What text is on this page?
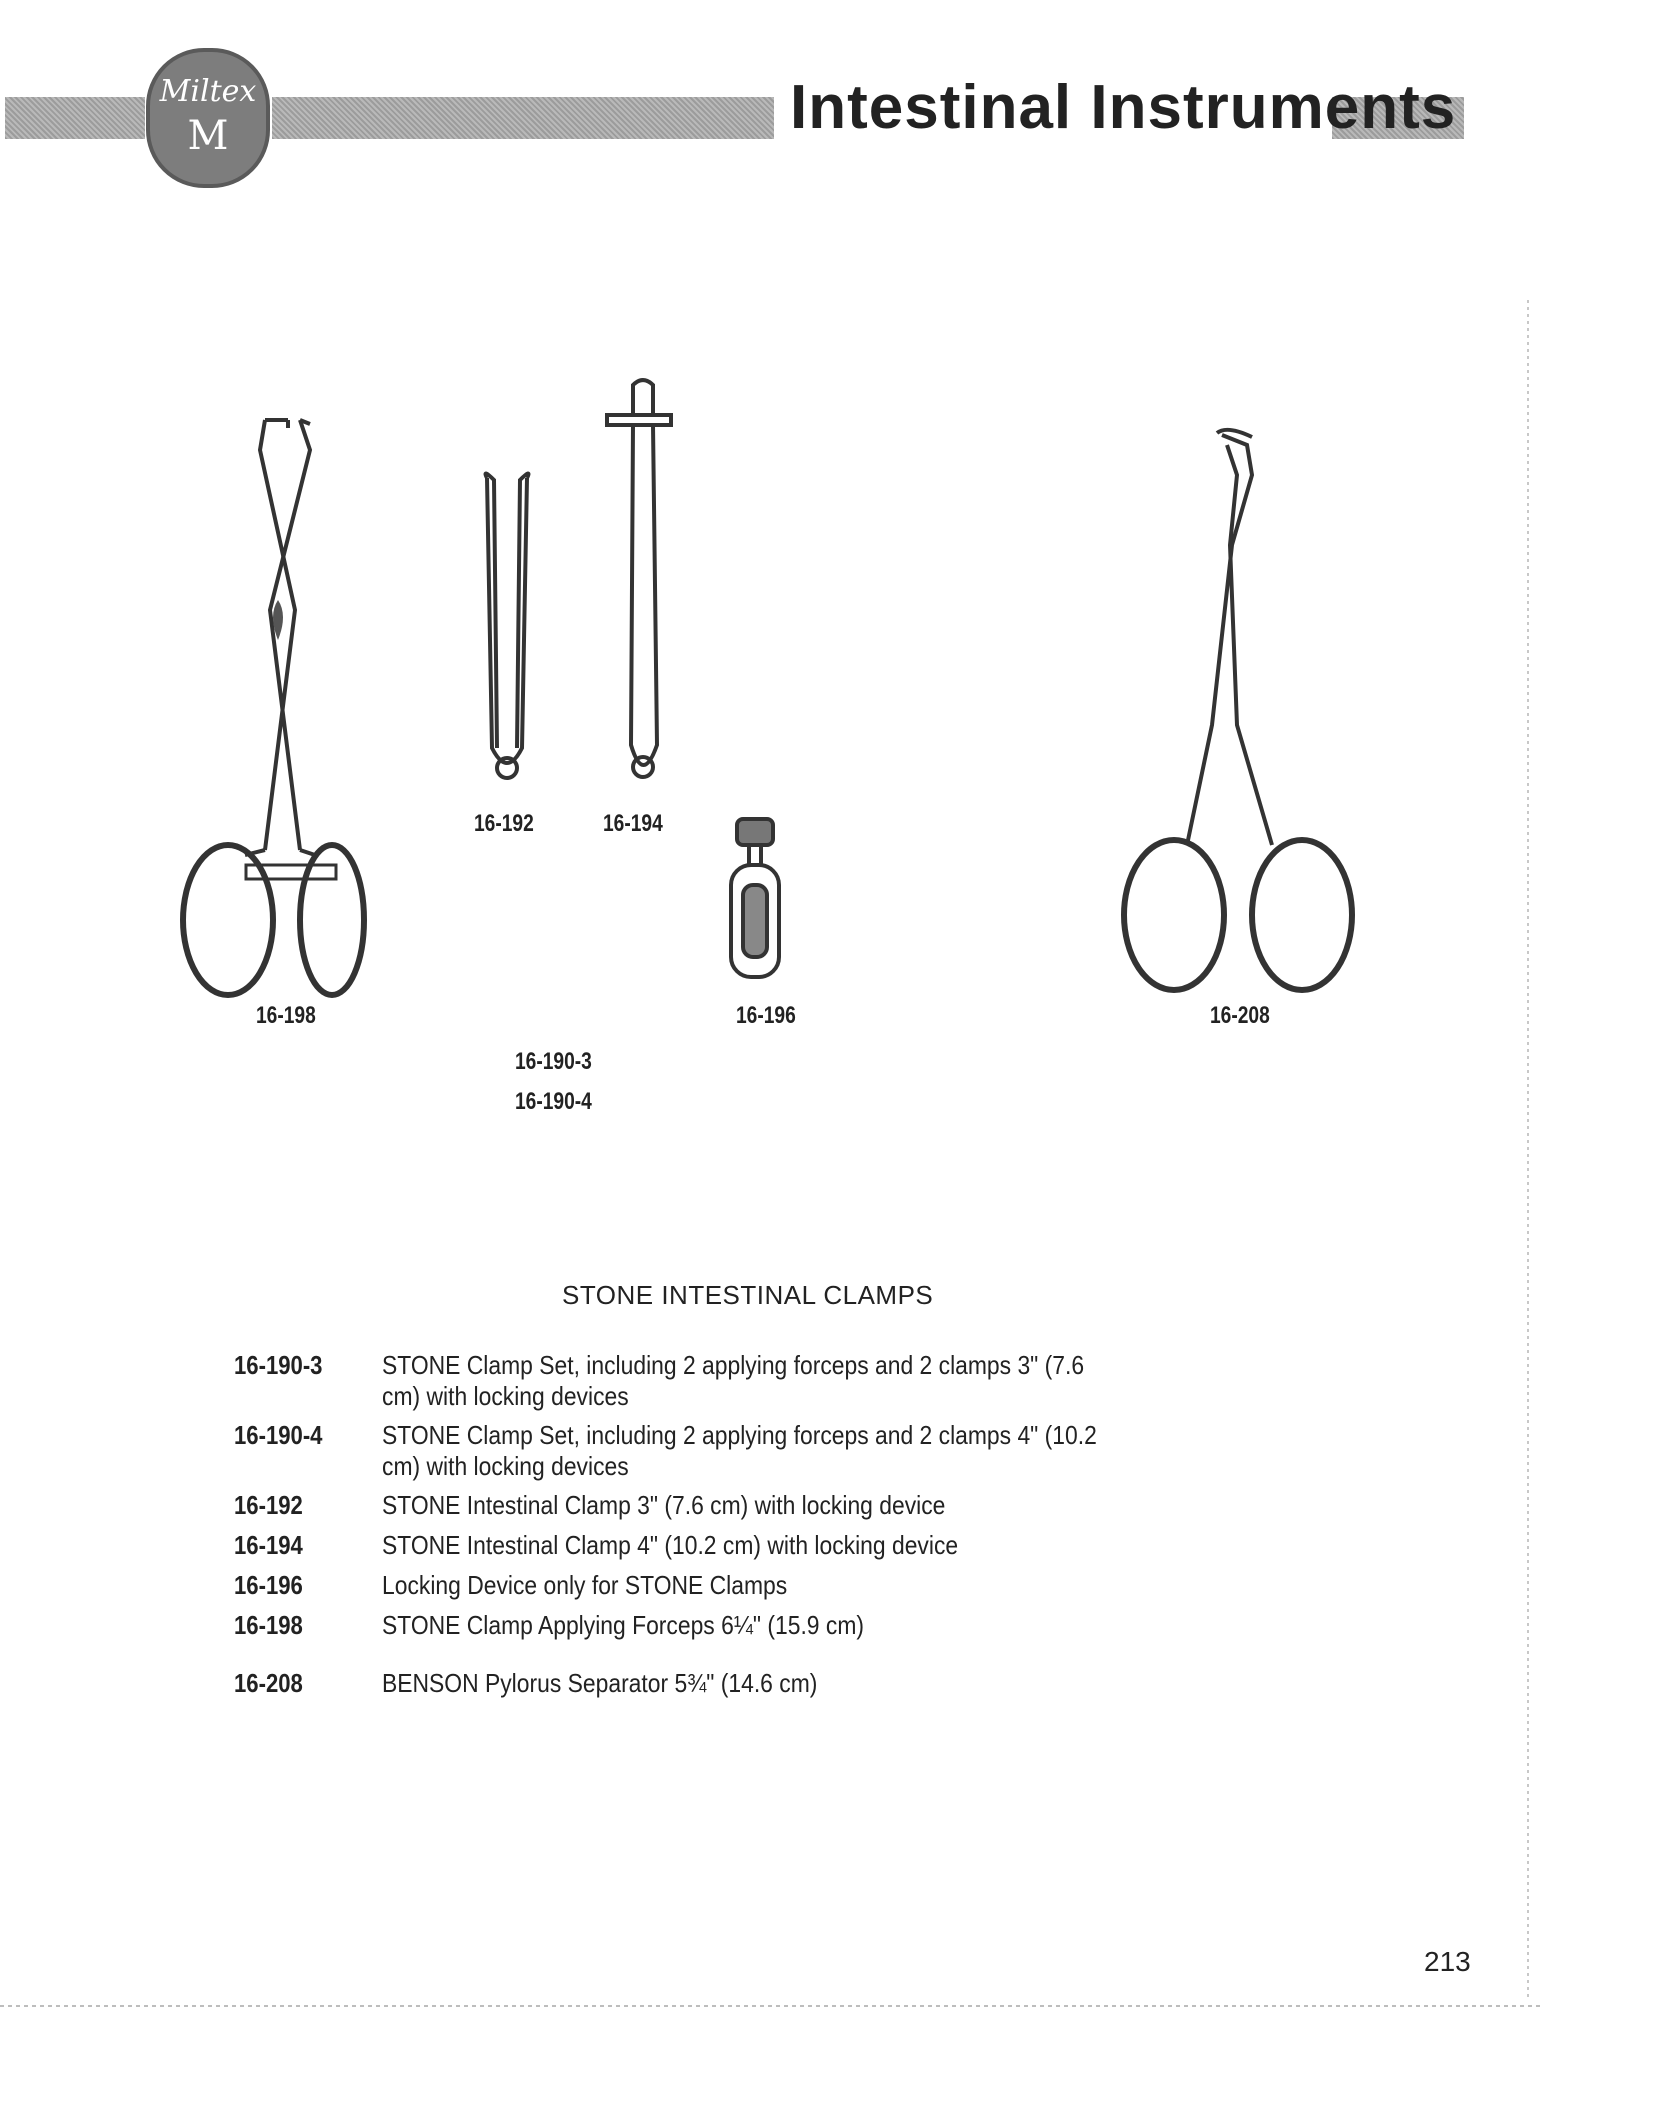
Miltex
M	Intestinal Instruments
16-198
16-192	16-194
16-196	16-208
16-190-3
16-190-4
STONE INTESTINAL CLAMPS
16-190-3 STONE Clamp Set, including 2 applying forceps and 2 clamps 3" (7.6 cm) with locking devices
16-190-4 STONE Clamp Set, including 2 applying forceps and 2 clamps 4" (10.2 cm) with locking devices
16-192	STONE Intestinal Clamp 3" (7.6 cm) with locking device
16-194	STONE Intestinal Clamp 4" (10.2 cm) with locking device
16-196	Locking Device only for STONE Clamps
16-198	STONE Clamp Applying Forceps 6¼" (15.9 cm)
16-208	BENSON Pylorus Separator 5¾" (14.6 cm)
213
